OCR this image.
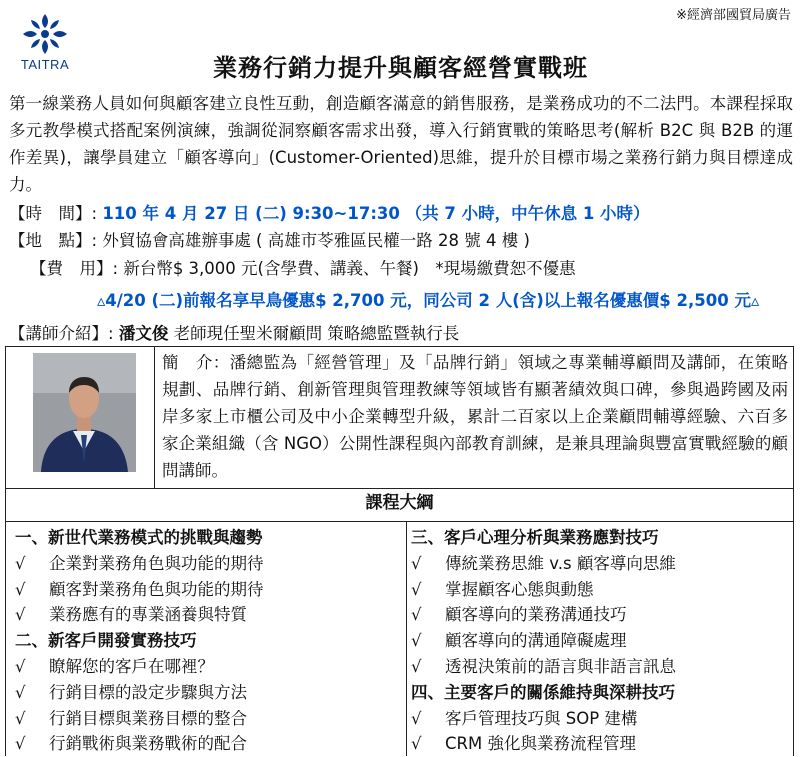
※經濟部國貿局廣告
TAITRA	業務行銷力提升與顧客經營實戰班
第一線業務人員如何與顧客建立良性互動，創造顧客滿意的銷售服務，是業務成功的不二法門。本課程採取多元教學模式搭配案例演練，強調從洞察顧客需求出發，導入行銷實戰的策略思考(解析 B2C 與 B2B 的運作差異)，讓學員建立「顧客導向」(Customer-Oriented)思維，提升於目標市場之業務行銷力與目標達成力。
【時　間】: 110 年 4 月 27 日 (二) 9:30~17:30 （共 7 小時，中午休息 1 小時）
【地　點】: 外貿協會高雄辦事處 ( 高雄市苓雅區民權一路 28 號 4 樓 )
【費　用】: 新台幣$ 3,000 元(含學費、講義、午餐)　*現場繳費恕不優惠
▵4/20 (二)前報名享早鳥優惠$ 2,700 元，同公司 2 人(含)以上報名優惠價$ 2,500 元▵
【講師介紹】: 潘文俊 老師現任聖米爾顧問 策略總監暨執行長
簡　介：潘總監為「經營管理」及「品牌行銷」領域之專業輔導顧問及講師，在策略規劃、品牌行銷、創新管理與管理教練等領域皆有顯著績效與口碑，參與過跨國及兩岸多家上市櫃公司及中小企業轉型升級，累計二百家以上企業顧問輔導經驗、六百多家企業組織（含 NGO）公開性課程與內部教育訓練，是兼具理論與豐富實戰經驗的顧問講師。
課程大綱
一、新世代業務模式的挑戰與趨勢
√ 企業對業務角色與功能的期待
√ 顧客對業務角色與功能的期待
√ 業務應有的專業涵養與特質
二、新客戶開發實務技巧
√ 瞭解您的客戶在哪裡？
√ 行銷目標的設定步驟與方法
√ 行銷目標與業務目標的整合
√ 行銷戰術與業務戰術的配合
三、客戶心理分析與業務應對技巧
√ 傳統業務思維 v.s 顧客導向思維
√ 掌握顧客心態與動態
√ 顧客導向的業務溝通技巧
√ 顧客導向的溝通障礙處理
√ 透視決策前的語言與非語言訊息
四、主要客戶的關係維持與深耕技巧
√ 客戶管理技巧與 SOP 建構
√ CRM 強化與業務流程管理
